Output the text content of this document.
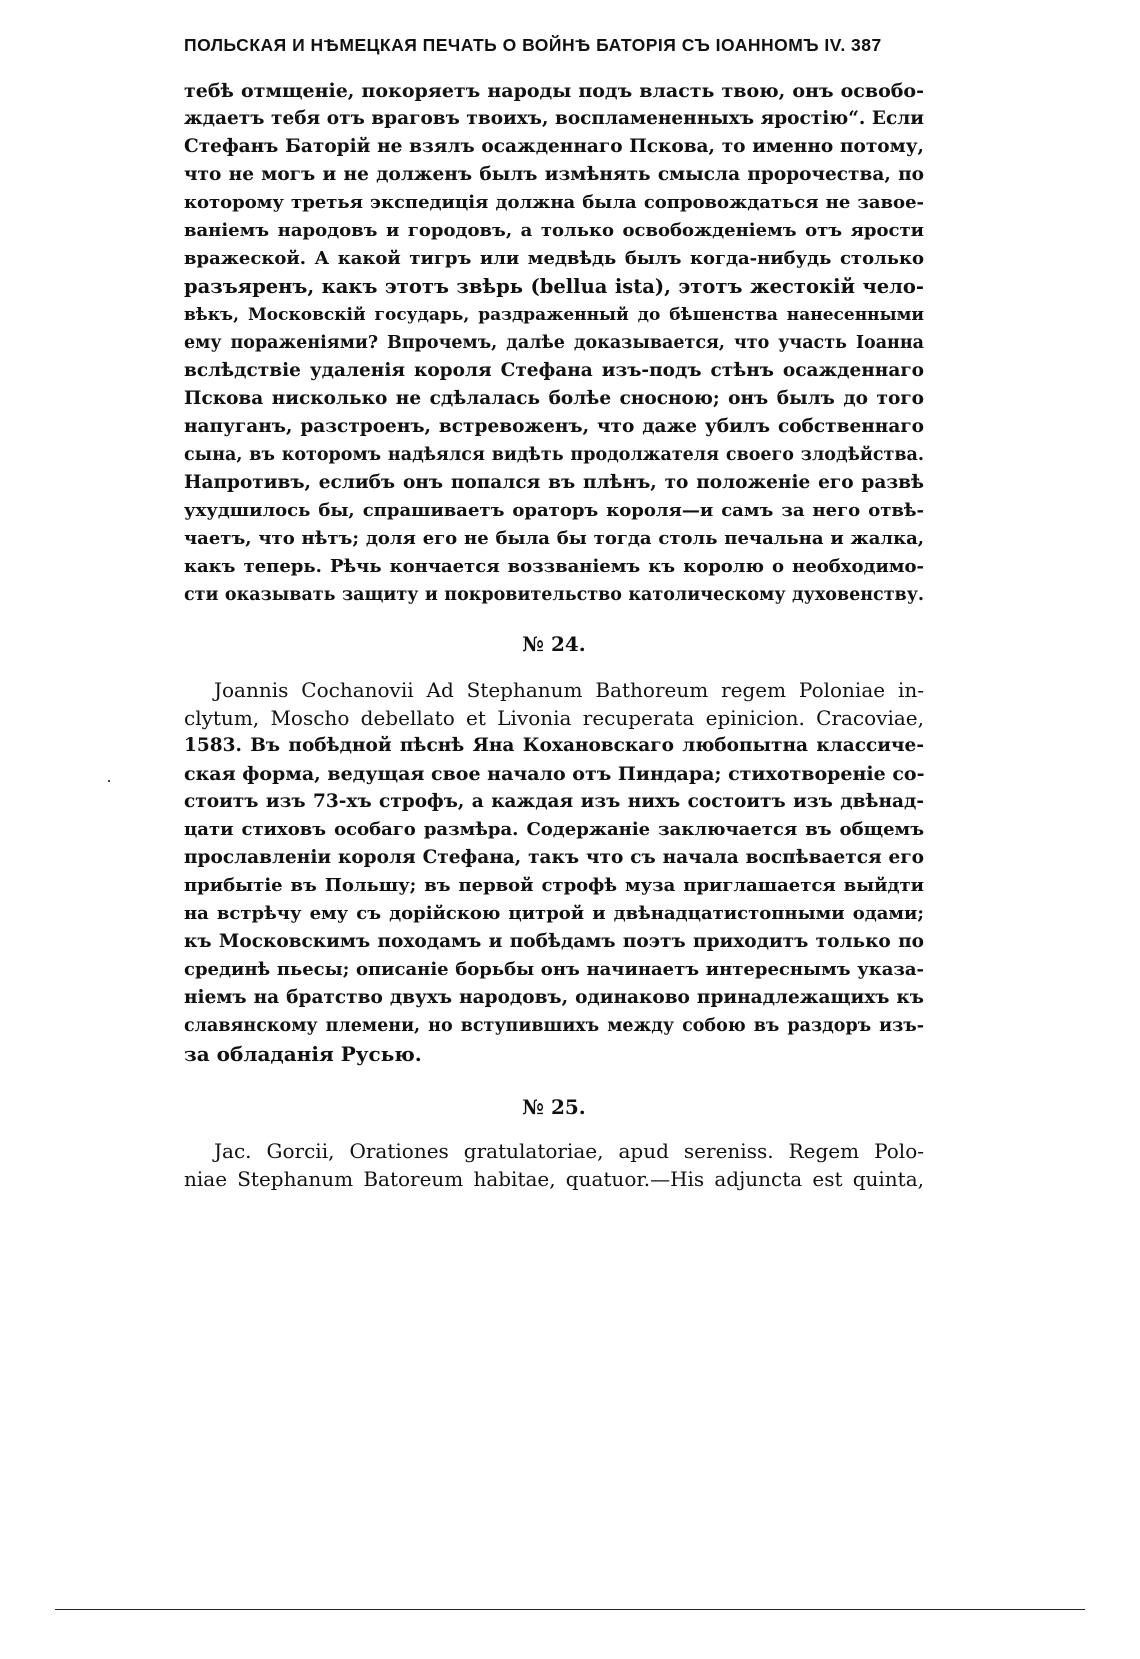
ПОЛЬСКАЯ И НѢМЕЦКАЯ ПЕЧАТЬ О ВОЙНѢ БАТОРІЯ СЪ ІОАННОМЪ IV. 387
тебѣ отмщеніе, покоряетъ народы подъ власть твою, онъ освобо-
ждаетъ тебя отъ враговъ твоихъ, воспламененныхъ яростію“. Если
Стефанъ Баторій не взялъ осажденнаго Пскова, то именно потому,
что не могъ и не долженъ былъ измѣнять смысла пророчества, по
которому третья экспедиція должна была сопровождаться не завое-
ваніемъ народовъ и городовъ, а только освобожденіемъ отъ ярости
вражеской. А какой тигръ или медвѣдь былъ когда-нибудь столько
разъяренъ, какъ этотъ звѣрь (bellua ista), этотъ жестокій чело-
вѣкъ, Московскій государь, раздраженный до бѣшенства нанесенными
ему пораженіями? Впрочемъ, далѣе доказывается, что участь Іоанна
вслѣдствіе удаленія короля Стефана изъ-подъ стѣнъ осажденнаго
Пскова нисколько не сдѣлалась болѣе сносною; онъ былъ до того
напуганъ, разстроенъ, встревоженъ, что даже убилъ собственнаго
сына, въ которомъ надѣялся видѣть продолжателя своего злодѣйства.
Напротивъ, еслибъ онъ попался въ плѣнъ, то положеніе его развѣ
ухудшилось бы, спрашиваетъ ораторъ короля—и самъ за него отвѣ-
чаетъ, что нѣтъ; доля его не была бы тогда столь печальна и жалка,
какъ теперь. Рѣчь кончается воззваніемъ къ королю о необходимо-
сти оказывать защиту и покровительство католическому духовенству.
№ 24.
Joannis Cochanovii Ad Stephanum Bathoreum regem Poloniae in-
clytum, Moscho debellato et Livonia recuperata epinicion. Cracoviae,
1583. Въ побѣдной пѣснѣ Яна Кохановскаго любопытна классиче-
ская форма, ведущая свое начало отъ Пиндара; стихотвореніе со-
стоитъ изъ 73-хъ строфъ, а каждая изъ нихъ состоитъ изъ двѣнад-
цати стиховъ особаго размѣра. Содержаніе заключается въ общемъ
прославленіи короля Стефана, такъ что съ начала воспѣвается его
прибытіе въ Польшу; въ первой строфѣ муза приглашается выйдти
на встрѣчу ему съ дорійскою цитрой и двѣнадцатистопными одами;
къ Московскимъ походамъ и побѣдамъ поэтъ приходитъ только по
срединѣ пьесы; описаніе борьбы онъ начинаетъ интереснымъ указа-
ніемъ на братство двухъ народовъ, одинаково принадлежащихъ къ
славянскому племени, но вступившихъ между собою въ раздоръ изъ-
за обладанія Русью.
№ 25.
Jac. Gorcii, Orationes gratulatoriae, apud sereniss. Regem Polo-
niae Stephanum Batoreum habitae, quatuor.—His adjuncta est quinta,
